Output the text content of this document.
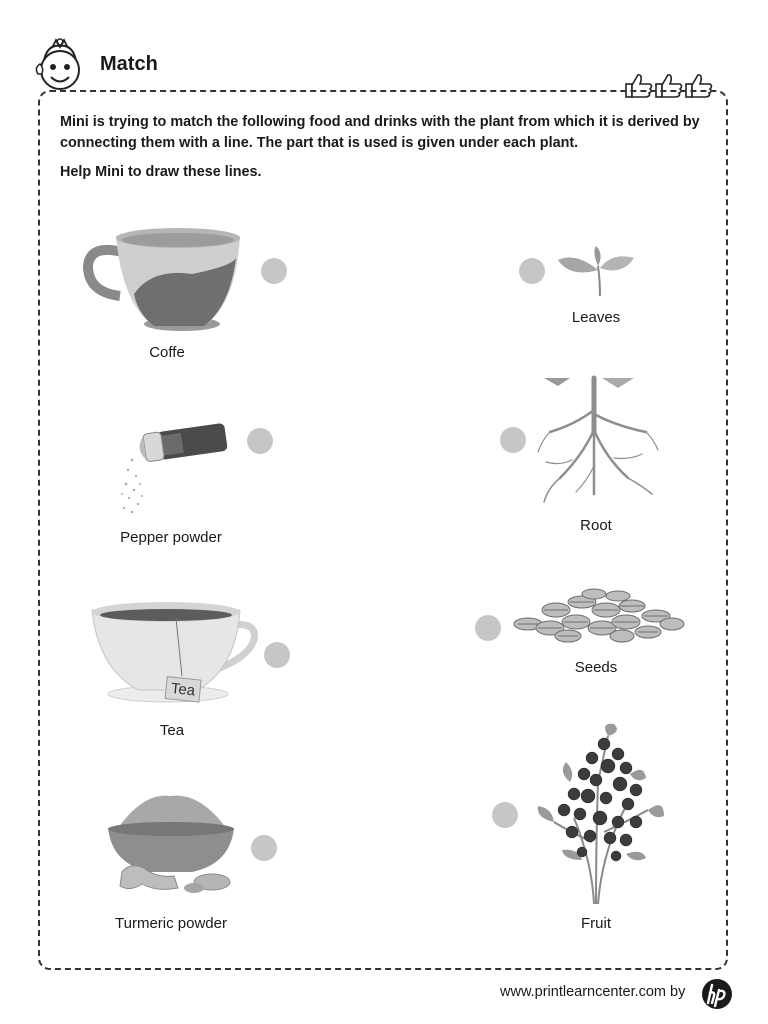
Match
Mini is trying to match the following food and drinks with the plant from which it is derived by connecting them with a line. The part that is used is given under each plant.
Help Mini to draw these lines.
Coffe
Pepper powder
Tea
Tea
Turmeric powder
Leaves
Root
Seeds
Fruit
www.printlearncenter.com by
